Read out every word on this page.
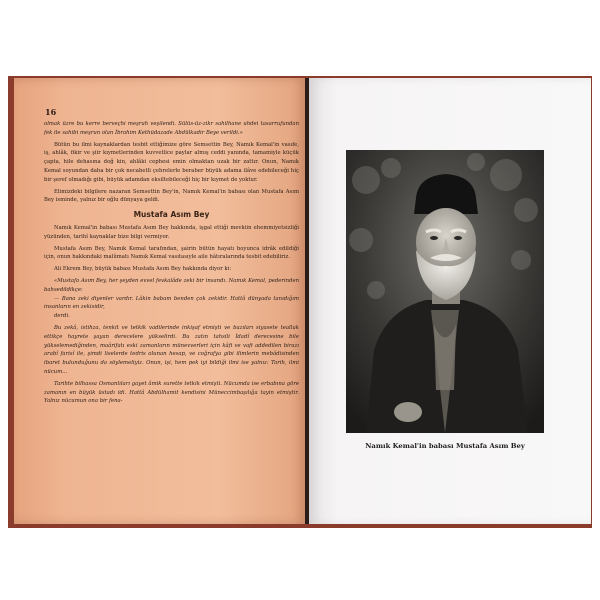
16

olmak üzre bu kerre berveçhi meşruh veşilendi. Sülüs-üz-zikr sahilhane uhdei tasarrufundan fek ile sahibi meşrun olan İbrahim Kethüdazade Abdülkadir Beye verildi.»

Bütün bu ilmi kaynaklardan tesbit ettiğimize göre Semsettin Bey, Namık Kemal'in vasıfe, iş, ahlâk, fikir ve şiir kıymetlerinden kuvvetlice paylar almış ceddi yanında, tamamiyle küçük çapta, hile dehasına doğ kin, ahlâki cephesi emin olmaktan uzak bir zattır. Onun, Namık Kemal soyundan daha bir çok necabetli çehrelerle beraber büyük adama ilâve edebileceği hiç bir şeref olmadığı gibi, büyük adamdan eksiltebileceği hiç bir kıymet de yoktur.

Elimizdeki bilgilere nazaran Semsettin Bey'in, Namık Kemal'in babası olan Mustafa Asım Bey isminde, yalnız bir oğlu dünyaya geldi.

Mustafa Asım Bey

Namık Kemal'in babası Mustafa Asım Bey hakkında, işgal ettiği mevkiin ehemmiyetsizliği yüzünden, tarihî kaynaklar bize bilgi vermiyor.

Mustafa Asım Bey, Namık Kemal tarafından, şairin bütün hayatı boyunca idrâk edildiği için, onun hakkındaki malûmatı Namık Kemal vasıtasıyle aile hâtıralarında tesbit edebiliriz.

Ali Ekrem Bey, büyük babası Mustafa Asım Bey hakkında diyor ki:

«Mustafa Asım Bey, her şeyden evvel fevkalâde zeki bir insandı. Namık Kemal, pederinden bahsedildikçe:

— Bana zeki diyenler vardır. Lâkin babam benden çok zekidir. Hattâ dünyada tanıdığım insanların en zekisidir,

derdi.

Bu zekâ, istihza, tenkit ve tetkik vadilerinde inkişaf etmişti ve bazıları siyasete tealluk ettikçe hayrete şayan derecelere yükselirdi. Bu zatın tahsili İdadî derecesine bile yükselemediğinden, maârifatı eski zamanların münevverleri için kâfi ve vafi addedilen birazı arabî farisî ile, şimdi liselerde tedris olunan hesap, ve coğrafya gibi ilimlerin mebâdisinden ibaret bulunduğunu da söylemeliyiz. Onun, işi, hem pek iyi bildiği ilmi ise yalnız: Tarih, ilmi nücum...

Tarihte bilhassa Osmanlıları gayet âmik surette tetkik etmişti. Nücumda ise erbabına göre zamanın en büyük üstadı idi. Hattâ Abdülhamit kendisini Müneccimbaşılığa tayin etmiştir. Yalnız nücumun ona bir fena-

Namık Kemal'in babası Mustafa Asım Bey
